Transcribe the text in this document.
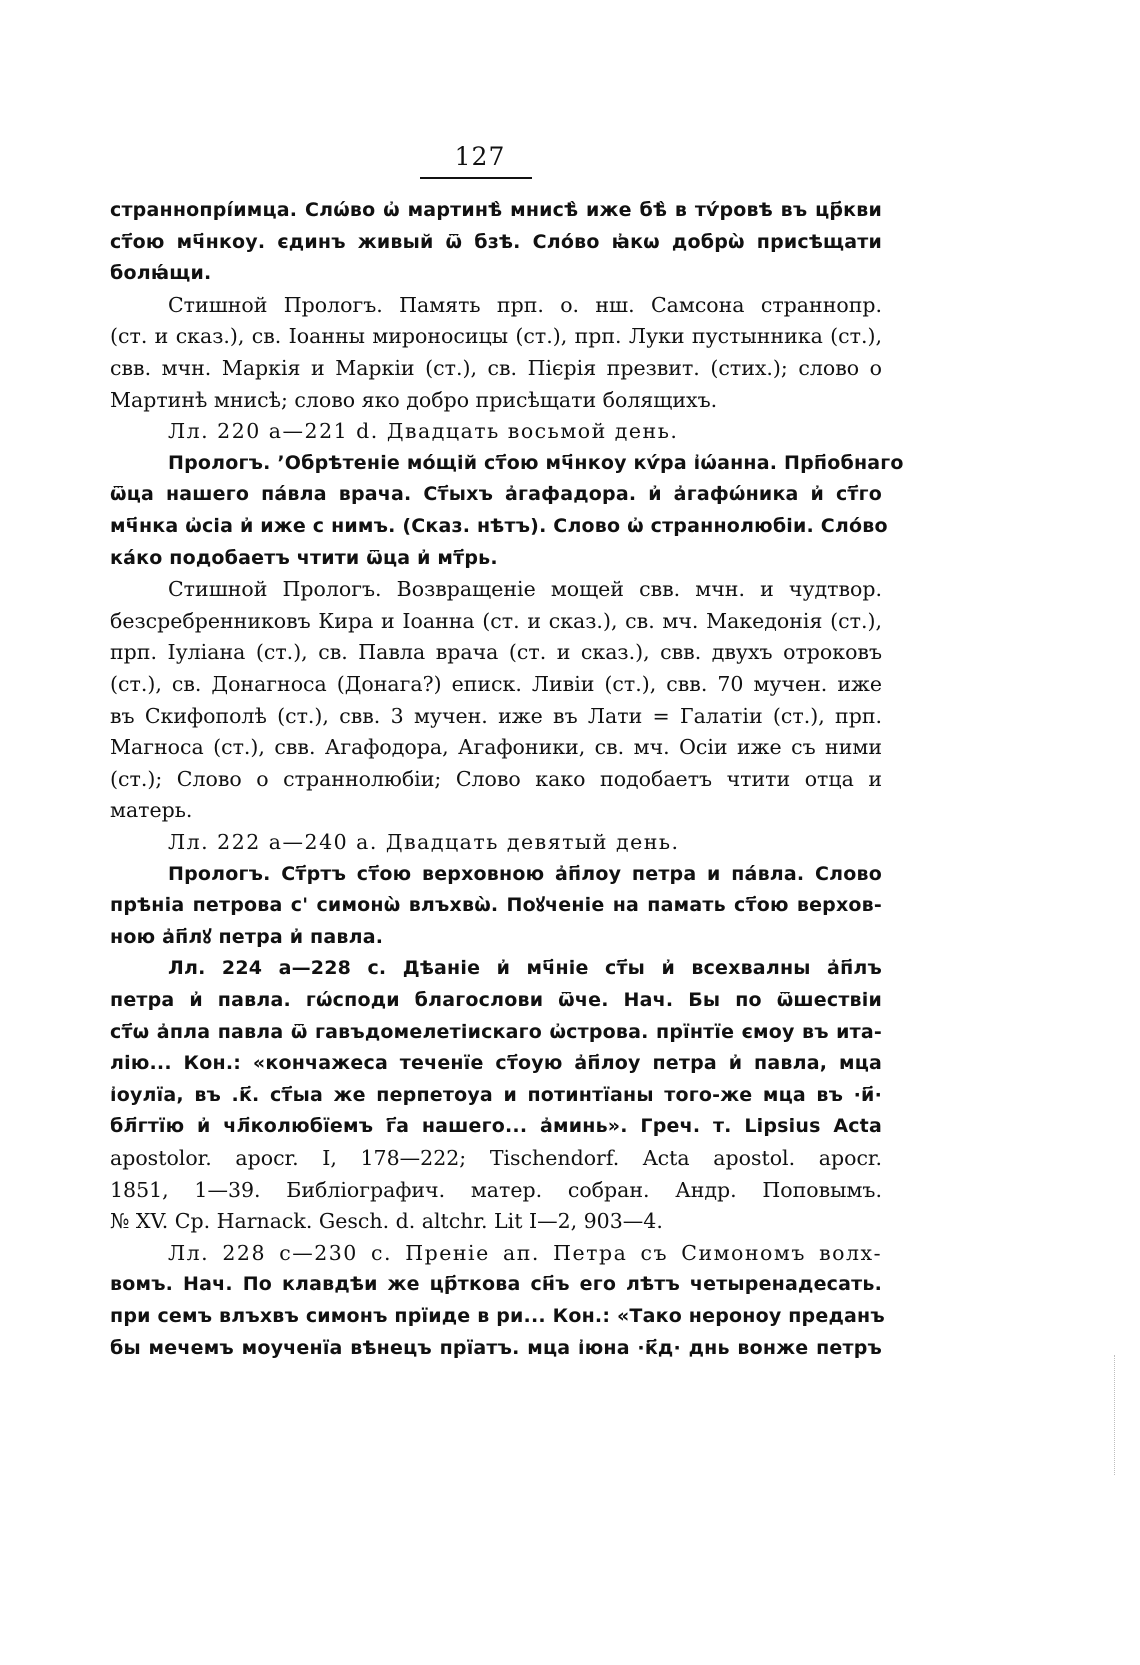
127

страннопрі́имца. Слѡ́во ѡ҆ мартинѣ̀ мнисѣ̀ иже бѣ̀ в тѵ́ровѣ въ цр҃кви

ст҃ою мч҃нкоу. єдинъ живый ѿ бзѣ. Сло́во ꙗ҆кѡ добрѡ̀ присѣщати

болꙗ́щи.

Стишной Прологъ. Память прп. о. нш. Самсона страннопр.

(ст. и сказ.), св. Іоанны мироносицы (ст.), прп. Луки пустынника (ст.),

свв. мчн. Маркія и Маркіи (ст.), св. Пієрія презвит. (стих.); слово о

Мартинѣ мнисѣ; слово яко добро присѣщати болящихъ.

Лл. 220 а—221 d. Двадцать восьмой день.

Прологъ. ’Обрѣтеніе мо́щій ст҃ою мч҃нкоу кѵ́ра і҆ѡ́анна. Прп҃обнаго

ѿца нашего па́вла врача. Ст҃ыхъ а҆гафадора. и҆ а҆гафѡ́ника и҆ ст҃го

мч҃нка ѡ҆сіа и҆ иже с нимъ. (Сказ. нѣтъ). Слово ѡ҆ страннолюбіи. Сло́во

ка́ко подобаетъ чтити ѿца и҆ мт҃рь.

Стишной Прологъ. Возвращеніе мощей свв. мчн. и чудтвор.

безсребренниковъ Кира и Іоанна (ст. и сказ.), св. мч. Македонія (ст.),

прп. Іуліана (ст.), св. Павла врача (ст. и сказ.), свв. двухъ отроковъ

(ст.), св. Донагноса (Донага?) еписк. Ливіи (ст.), свв. 70 мучен. иже

въ Скифополѣ (ст.), свв. 3 мучен. иже въ Лати = Галатіи (ст.), прп.

Магноса (ст.), свв. Агафодора, Агафоники, св. мч. Осіи иже съ ними

(ст.); Слово о страннолюбіи; Слово како подобаетъ чтити отца и

матерь.

Лл. 222 а—240 а. Двадцать девятый день.

Прологъ. Ст҃ртъ ст҃ою верховною а҆п҃лоу петра и па́вла. Слово

прѣніа петрова с' симонѡ̀ влъхвѡ̀. Поꙋченіе на памать ст҃ою верхов-

ною а҆п҃лꙋ петра и҆ павла.

Лл. 224 а—228 с. Дѣаніе и҆ мч҃ніе ст҃ы и҆ всехвалны а҆п҃лъ

петра и҆ павла. гѡ́споди благослови ѿче. Нач. Бы по ѿшествіи

ст҃ѡ а҆пла павла ѿ гавъдомелетіискаго ѡ҆строва. прїнтїе ємоу въ ита-

лію... Кон.: «кончажеса теченїе ст҃оую а҆п҃лоу петра и҆ павла, мца

і҆оулїа, въ .к҃. ст҃ыа же перпетоуа и потинтїаны того-же мца въ ·и҃·

бл҃гтїю и҆ чл҃колюбїемъ г҃а нашего... а҆минь». Греч. т. Lipsius Acta

apostolor. apocr. I, 178—222; Tischendorf. Acta apostol. apocr.

1851, 1—39. Библіографич. матер. собран. Андр. Поповымъ.

№ XV. Ср. Harnack. Gesch. d. altchr. Lit I—2, 903—4.

Лл. 228 с—230 с. Преніе ап. Петра съ Симономъ волх-

вомъ. Нач. По клавдѣи же цр҃ткова сн҃ъ его лѣтъ четыренадесать.

при семъ влъхвъ симонъ прїиде в ри... Кон.: «Тако нероноу преданъ

бы мечемъ моученїа вѣнецъ прїатъ. мца і҆юна ·к҃д· днь вонже петръ
